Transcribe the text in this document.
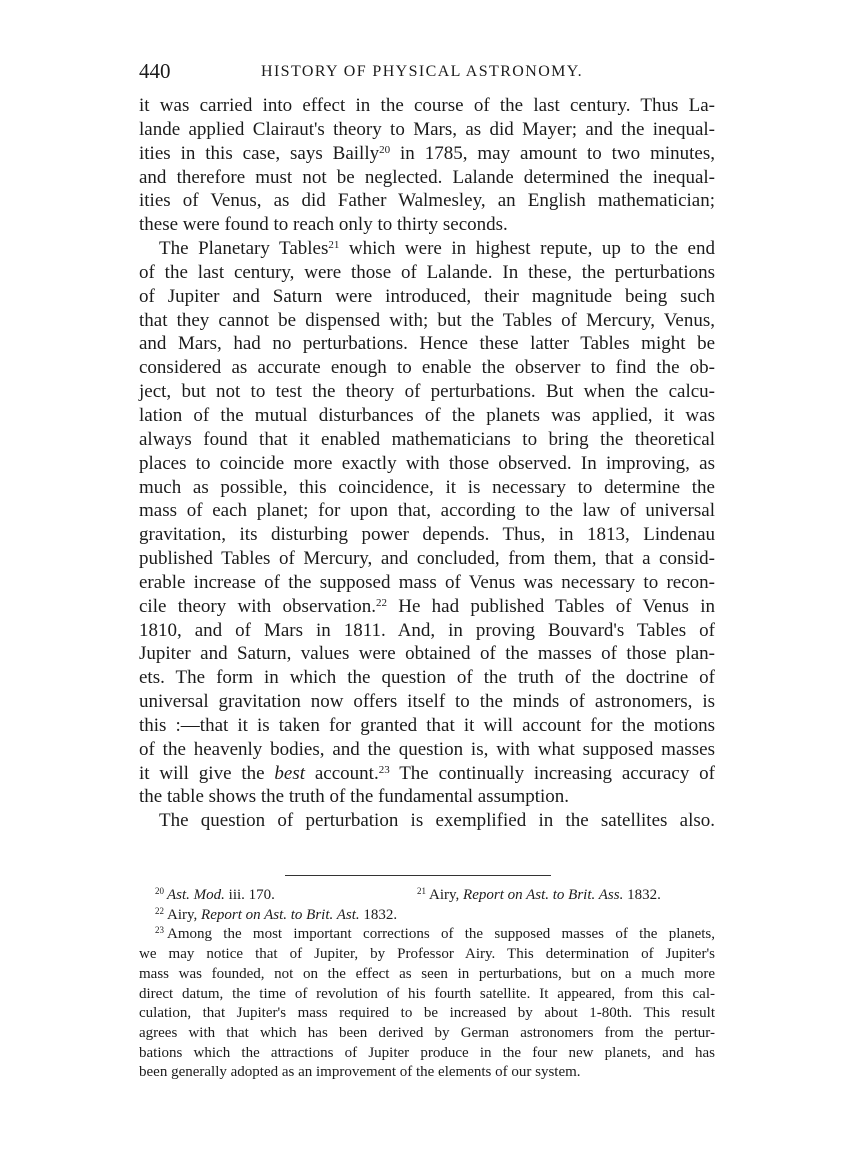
440	HISTORY OF PHYSICAL ASTRONOMY.
it was carried into effect in the course of the last century. Thus La-
lande applied Clairaut's theory to Mars, as did Mayer; and the inequal-
ities in this case, says Bailly$^{20}$ in 1785, may amount to two minutes,
and therefore must not be neglected. Lalande determined the inequal-
ities of Venus, as did Father Walmesley, an English mathematician;
these were found to reach only to thirty seconds.
The Planetary Tables$^{21}$ which were in highest repute, up to the end
of the last century, were those of Lalande. In these, the perturbations
of Jupiter and Saturn were introduced, their magnitude being such
that they cannot be dispensed with; but the Tables of Mercury, Venus,
and Mars, had no perturbations. Hence these latter Tables might be
considered as accurate enough to enable the observer to find the ob-
ject, but not to test the theory of perturbations. But when the calcu-
lation of the mutual disturbances of the planets was applied, it was
always found that it enabled mathematicians to bring the theoretical
places to coincide more exactly with those observed. In improving, as
much as possible, this coincidence, it is necessary to determine the
mass of each planet; for upon that, according to the law of universal
gravitation, its disturbing power depends. Thus, in 1813, Lindenau
published Tables of Mercury, and concluded, from them, that a consid-
erable increase of the supposed mass of Venus was necessary to recon-
cile theory with observation.$^{22}$ He had published Tables of Venus in
1810, and of Mars in 1811. And, in proving Bouvard's Tables of
Jupiter and Saturn, values were obtained of the masses of those plan-
ets. The form in which the question of the truth of the doctrine of
universal gravitation now offers itself to the minds of astronomers, is
this :—that it is taken for granted that it will account for the motions
of the heavenly bodies, and the question is, with what supposed masses
it will give the best account.$^{23}$ The continually increasing accuracy of
the table shows the truth of the fundamental assumption.
The question of perturbation is exemplified in the satellites also.
$^{20}$ Ast. Mod. iii. 170.	$^{21}$ Airy, Report on Ast. to Brit. Ass. 1832.
$^{22}$ Airy, Report on Ast. to Brit. Ast. 1832.
$^{23}$ Among the most important corrections of the supposed masses of the planets,
we may notice that of Jupiter, by Professor Airy. This determination of Jupiter's
mass was founded, not on the effect as seen in perturbations, but on a much more
direct datum, the time of revolution of his fourth satellite. It appeared, from this cal-
culation, that Jupiter's mass required to be increased by about 1-80th. This result
agrees with that which has been derived by German astronomers from the pertur-
bations which the attractions of Jupiter produce in the four new planets, and has
been generally adopted as an improvement of the elements of our system.
